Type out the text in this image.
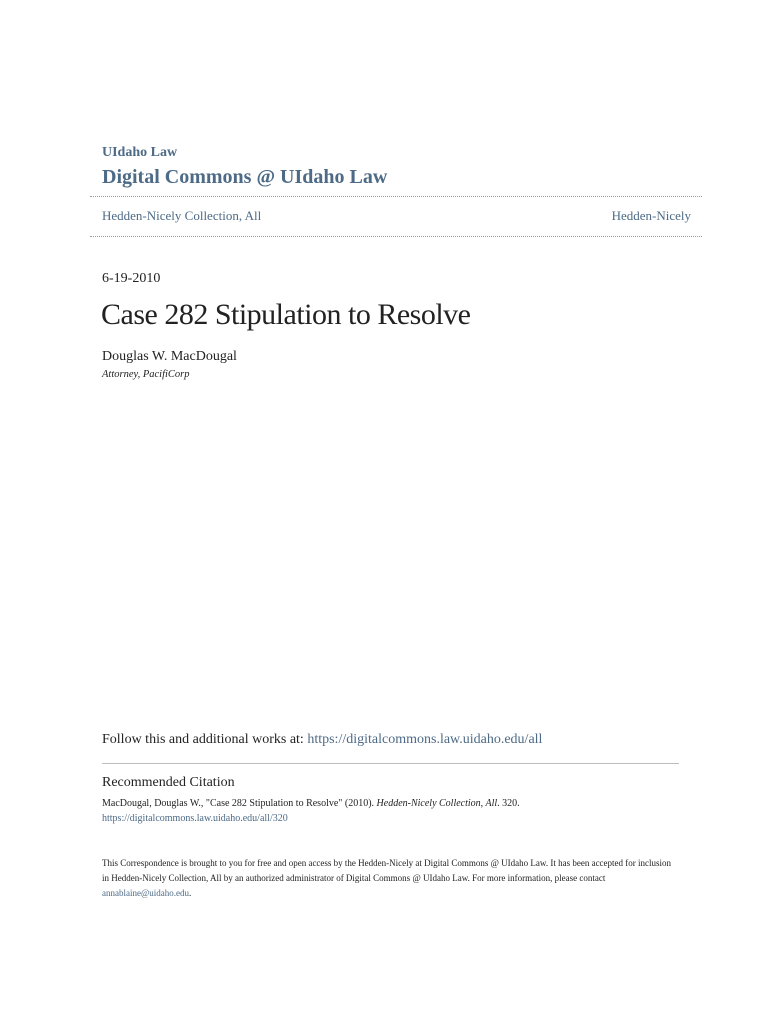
UIdaho Law
Digital Commons @ UIdaho Law
Hedden-Nicely Collection, All	Hedden-Nicely
6-19-2010
Case 282 Stipulation to Resolve
Douglas W. MacDougal
Attorney, PacifiCorp
Follow this and additional works at: https://digitalcommons.law.uidaho.edu/all
Recommended Citation
MacDougal, Douglas W., "Case 282 Stipulation to Resolve" (2010). Hedden-Nicely Collection, All. 320.
https://digitalcommons.law.uidaho.edu/all/320
This Correspondence is brought to you for free and open access by the Hedden-Nicely at Digital Commons @ UIdaho Law. It has been accepted for inclusion in Hedden-Nicely Collection, All by an authorized administrator of Digital Commons @ UIdaho Law. For more information, please contact annablaine@uidaho.edu.
